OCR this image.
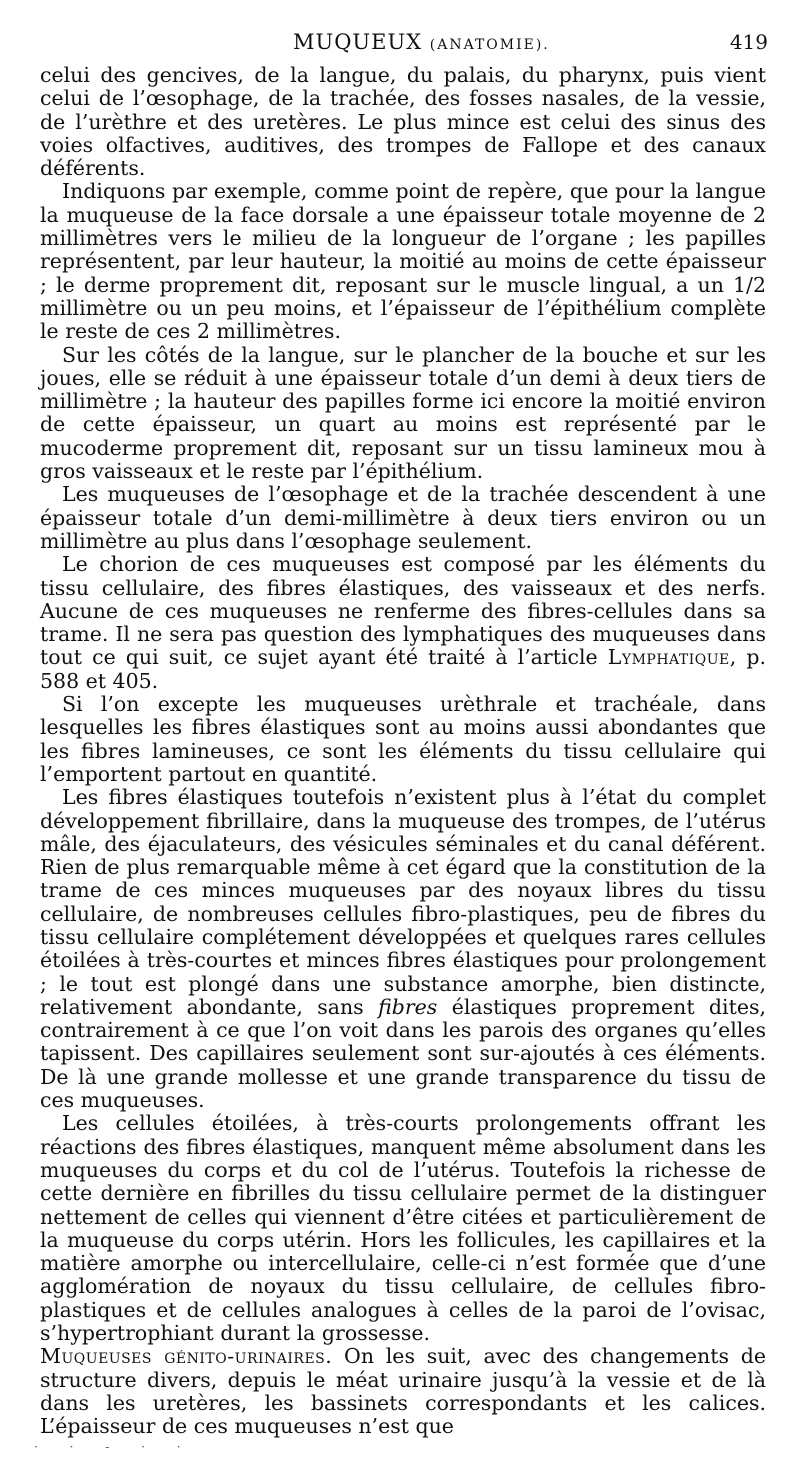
MUQUEUX (ANATOMIE).	419

celui des gencives, de la langue, du palais, du pharynx, puis vient celui de l’œsophage, de la trachée, des fosses nasales, de la vessie, de l’urèthre et des uretères. Le plus mince est celui des sinus des voies olfactives, auditives, des trompes de Fallope et des canaux déférents.

Indiquons par exemple, comme point de repère, que pour la langue la muqueuse de la face dorsale a une épaisseur totale moyenne de 2 millimètres vers le milieu de la longueur de l’organe ; les papilles représentent, par leur hauteur, la moitié au moins de cette épaisseur ; le derme proprement dit, reposant sur le muscle lingual, a un 1/2 millimètre ou un peu moins, et l’épaisseur de l’épithélium complète le reste de ces 2 millimètres.

Sur les côtés de la langue, sur le plancher de la bouche et sur les joues, elle se réduit à une épaisseur totale d’un demi à deux tiers de millimètre ; la hauteur des papilles forme ici encore la moitié environ de cette épaisseur, un quart au moins est représenté par le mucoderme proprement dit, reposant sur un tissu lamineux mou à gros vaisseaux et le reste par l’épithélium.

Les muqueuses de l’œsophage et de la trachée descendent à une épaisseur totale d’un demi-millimètre à deux tiers environ ou un millimètre au plus dans l’œsophage seulement.

Le chorion de ces muqueuses est composé par les éléments du tissu cellulaire, des fibres élastiques, des vaisseaux et des nerfs. Aucune de ces muqueuses ne renferme des fibres-cellules dans sa trame. Il ne sera pas question des lymphatiques des muqueuses dans tout ce qui suit, ce sujet ayant été traité à l’article Lymphatique, p. 588 et 405.

Si l’on excepte les muqueuses urèthrale et trachéale, dans lesquelles les fibres élastiques sont au moins aussi abondantes que les fibres lamineuses, ce sont les éléments du tissu cellulaire qui l’emportent partout en quantité.

Les fibres élastiques toutefois n’existent plus à l’état du complet développement fibrillaire, dans la muqueuse des trompes, de l’utérus mâle, des éjaculateurs, des vésicules séminales et du canal déférent. Rien de plus remarquable même à cet égard que la constitution de la trame de ces minces muqueuses par des noyaux libres du tissu cellulaire, de nombreuses cellules fibro-plastiques, peu de fibres du tissu cellulaire complétement développées et quelques rares cellules étoilées à très-courtes et minces fibres élastiques pour prolongement ; le tout est plongé dans une substance amorphe, bien distincte, relativement abondante, sans fibres élastiques proprement dites, contrairement à ce que l’on voit dans les parois des organes qu’elles tapissent. Des capillaires seulement sont sur-ajoutés à ces éléments. De là une grande mollesse et une grande transparence du tissu de ces muqueuses.

Les cellules étoilées, à très-courts prolongements offrant les réactions des fibres élastiques, manquent même absolument dans les muqueuses du corps et du col de l’utérus. Toutefois la richesse de cette dernière en fibrilles du tissu cellulaire permet de la distinguer nettement de celles qui viennent d’être citées et particulièrement de la muqueuse du corps utérin. Hors les follicules, les capillaires et la matière amorphe ou intercellulaire, celle-ci n’est formée que d’une agglomération de noyaux du tissu cellulaire, de cellules fibro-plastiques et de cellules analogues à celles de la paroi de l’ovisac, s’hypertrophiant durant la grossesse.

Muqueuses génito-urinaires. On les suit, avec des changements de structure divers, depuis le méat urinaire jusqu’à la vessie et de là dans les uretères, les bassinets correspondants et les calices. L’épaisseur de ces muqueuses n’est que

· · - · ·
